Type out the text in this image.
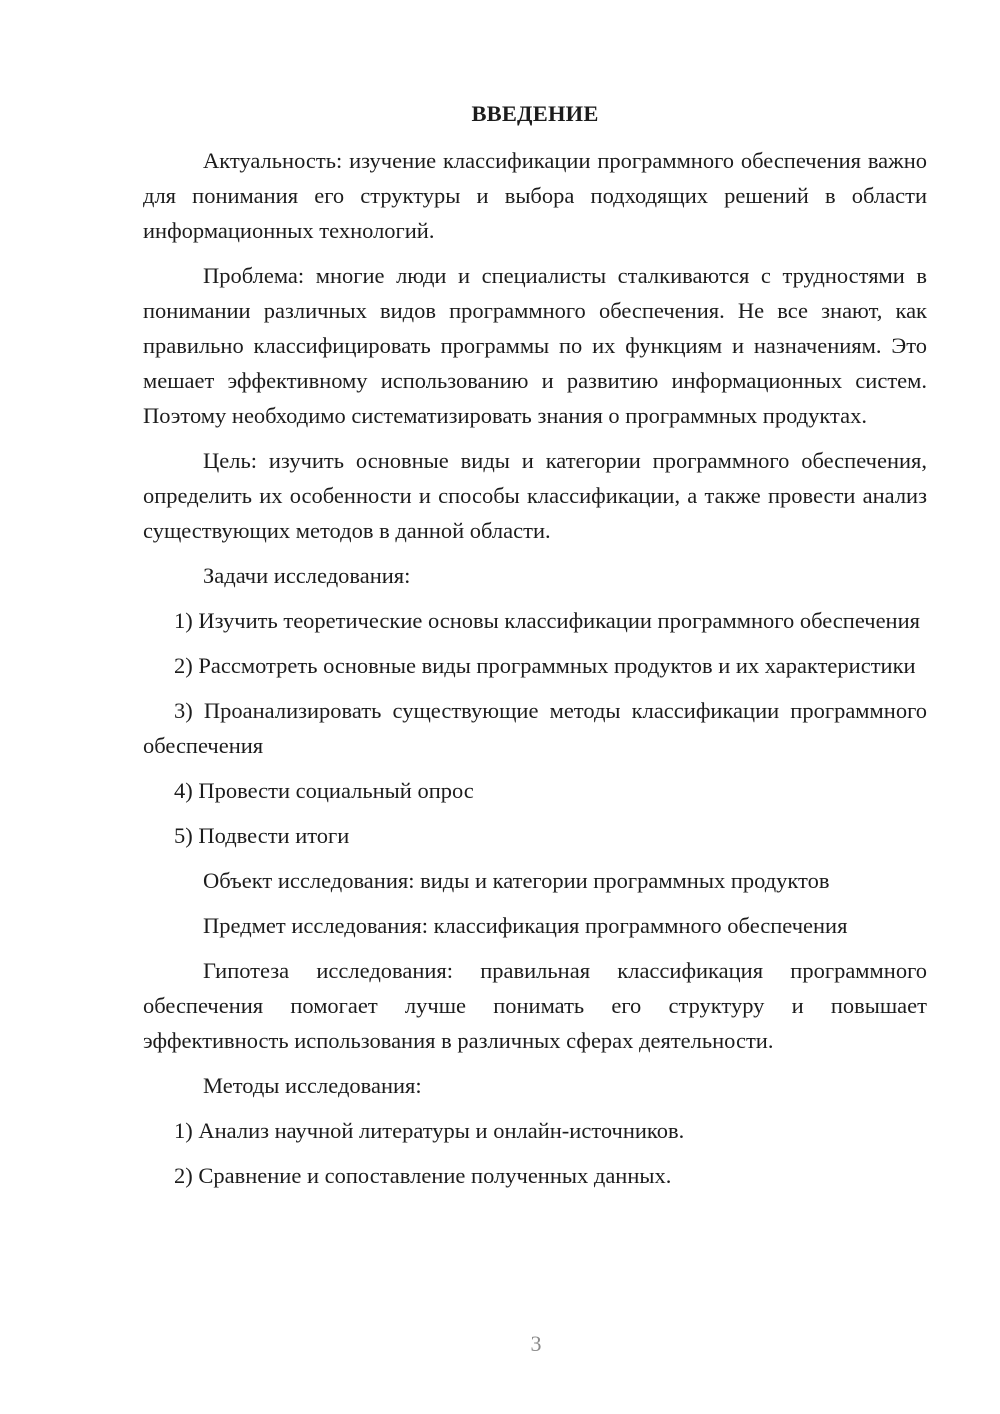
ВВЕДЕНИЕ

Актуальность: изучение классификации программного обеспечения важно для понимания его структуры и выбора подходящих решений в области информационных технологий.

Проблема: многие люди и специалисты сталкиваются с трудностями в понимании различных видов программного обеспечения. Не все знают, как правильно классифицировать программы по их функциям и назначениям. Это мешает эффективному использованию и развитию информационных систем. Поэтому необходимо систематизировать знания о программных продуктах.

Цель: изучить основные виды и категории программного обеспечения, определить их особенности и способы классификации, а также провести анализ существующих методов в данной области.

Задачи исследования:

1) Изучить теоретические основы классификации программного обеспечения

2) Рассмотреть основные виды программных продуктов и их характеристики

3) Проанализировать существующие методы классификации программного обеспечения

4) Провести социальный опрос

5) Подвести итоги

Объект исследования: виды и категории программных продуктов

Предмет исследования: классификация программного обеспечения

Гипотеза исследования: правильная классификация программного обеспечения помогает лучше понимать его структуру и повышает эффективность использования в различных сферах деятельности.

Методы исследования:

1) Анализ научной литературы и онлайн-источников.

2) Сравнение и сопоставление полученных данных.

3
